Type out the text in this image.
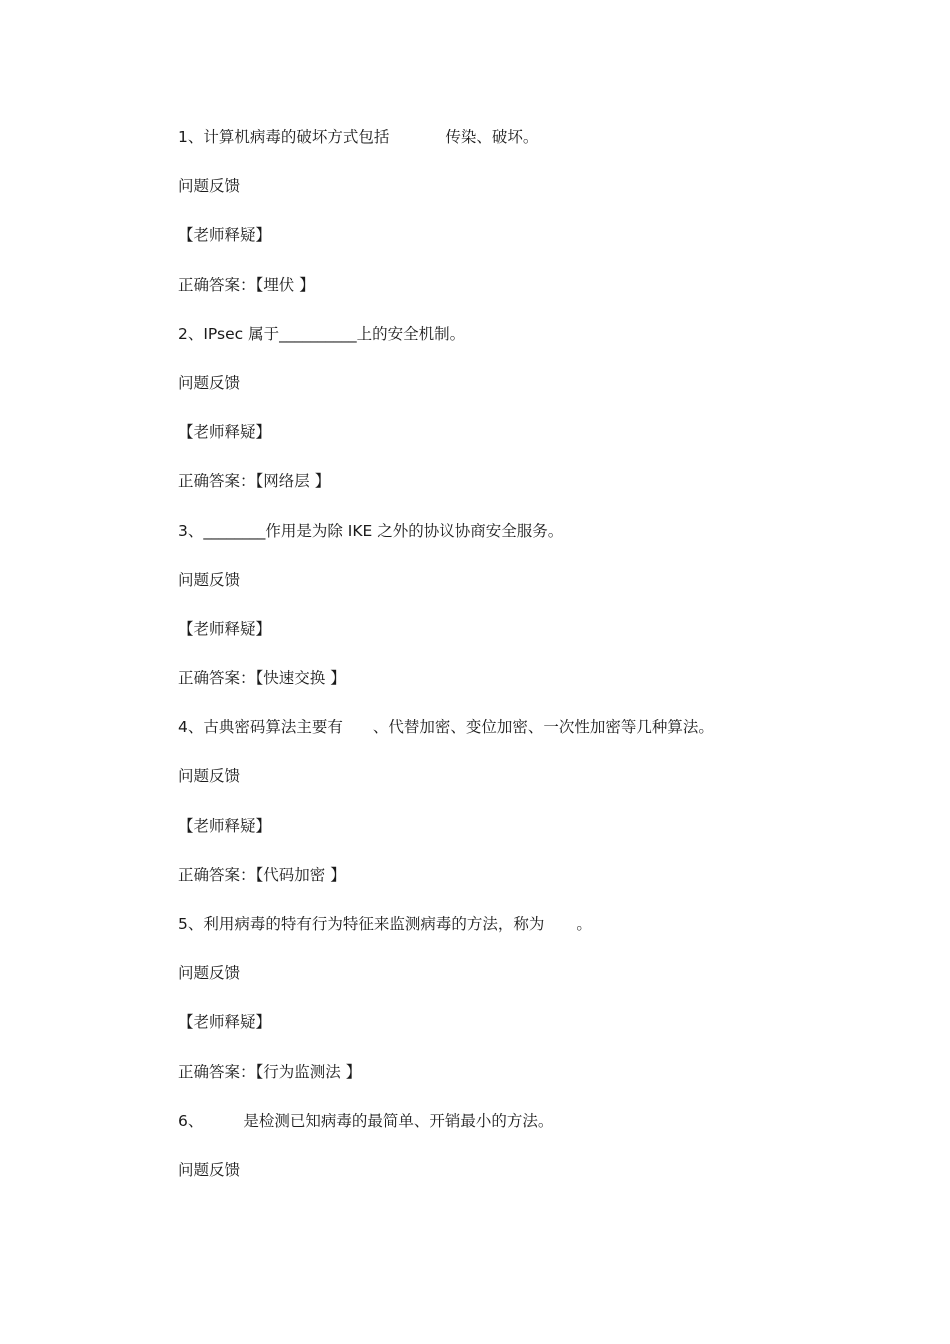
1、计算机病毒的破坏方式包括	传染、破坏。
问题反馈
【老师释疑】
正确答案：【埋伏 】
2、IPsec 属于__________上的安全机制。
问题反馈
【老师释疑】
正确答案：【网络层 】
3、________作用是为除 IKE 之外的协议协商安全服务。
问题反馈
【老师释疑】
正确答案：【快速交换 】
4、古典密码算法主要有 、代替加密、变位加密、一次性加密等几种算法。
问题反馈
【老师释疑】
正确答案：【代码加密 】
5、利用病毒的特有行为特征来监测病毒的方法，称为 。
问题反馈
【老师释疑】
正确答案：【行为监测法 】
6、	是检测已知病毒的最简单、开销最小的方法。
问题反馈
